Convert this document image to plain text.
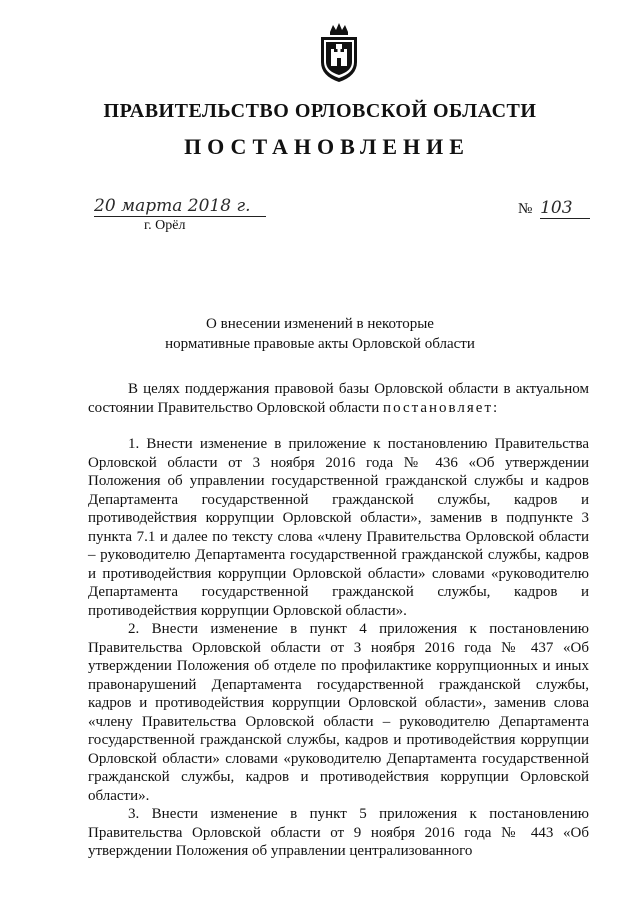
ПРАВИТЕЛЬСТВО ОРЛОВСКОЙ ОБЛАСТИ
ПОСТАНОВЛЕНИЕ
20 марта 2018 г.
г. Орёл
№ 103
О внесении изменений в некоторые
нормативные правовые акты Орловской области

В целях поддержания правовой базы Орловской области в актуальном состоянии Правительство Орловской области постановляет:

1. Внести изменение в приложение к постановлению Правительства Орловской области от 3 ноября 2016 года № 436 «Об утверждении Положения об управлении государственной гражданской службы и кадров Департамента государственной гражданской службы, кадров и противодействия коррупции Орловской области», заменив в подпункте 3 пункта 7.1 и далее по тексту слова «члену Правительства Орловской области – руководителю Департамента государственной гражданской службы, кадров и противодействия коррупции Орловской области» словами «руководителю Департамента государственной гражданской службы, кадров и противодействия коррупции Орловской области».

2. Внести изменение в пункт 4 приложения к постановлению Правительства Орловской области от 3 ноября 2016 года № 437 «Об утверждении Положения об отделе по профилактике коррупционных и иных правонарушений Департамента государственной гражданской службы, кадров и противодействия коррупции Орловской области», заменив слова «члену Правительства Орловской области – руководителю Департамента государственной гражданской службы, кадров и противодействия коррупции Орловской области» словами «руководителю Департамента государственной гражданской службы, кадров и противодействия коррупции Орловской области».

3. Внести изменение в пункт 5 приложения к постановлению Правительства Орловской области от 9 ноября 2016 года № 443 «Об утверждении Положения об управлении централизованного
